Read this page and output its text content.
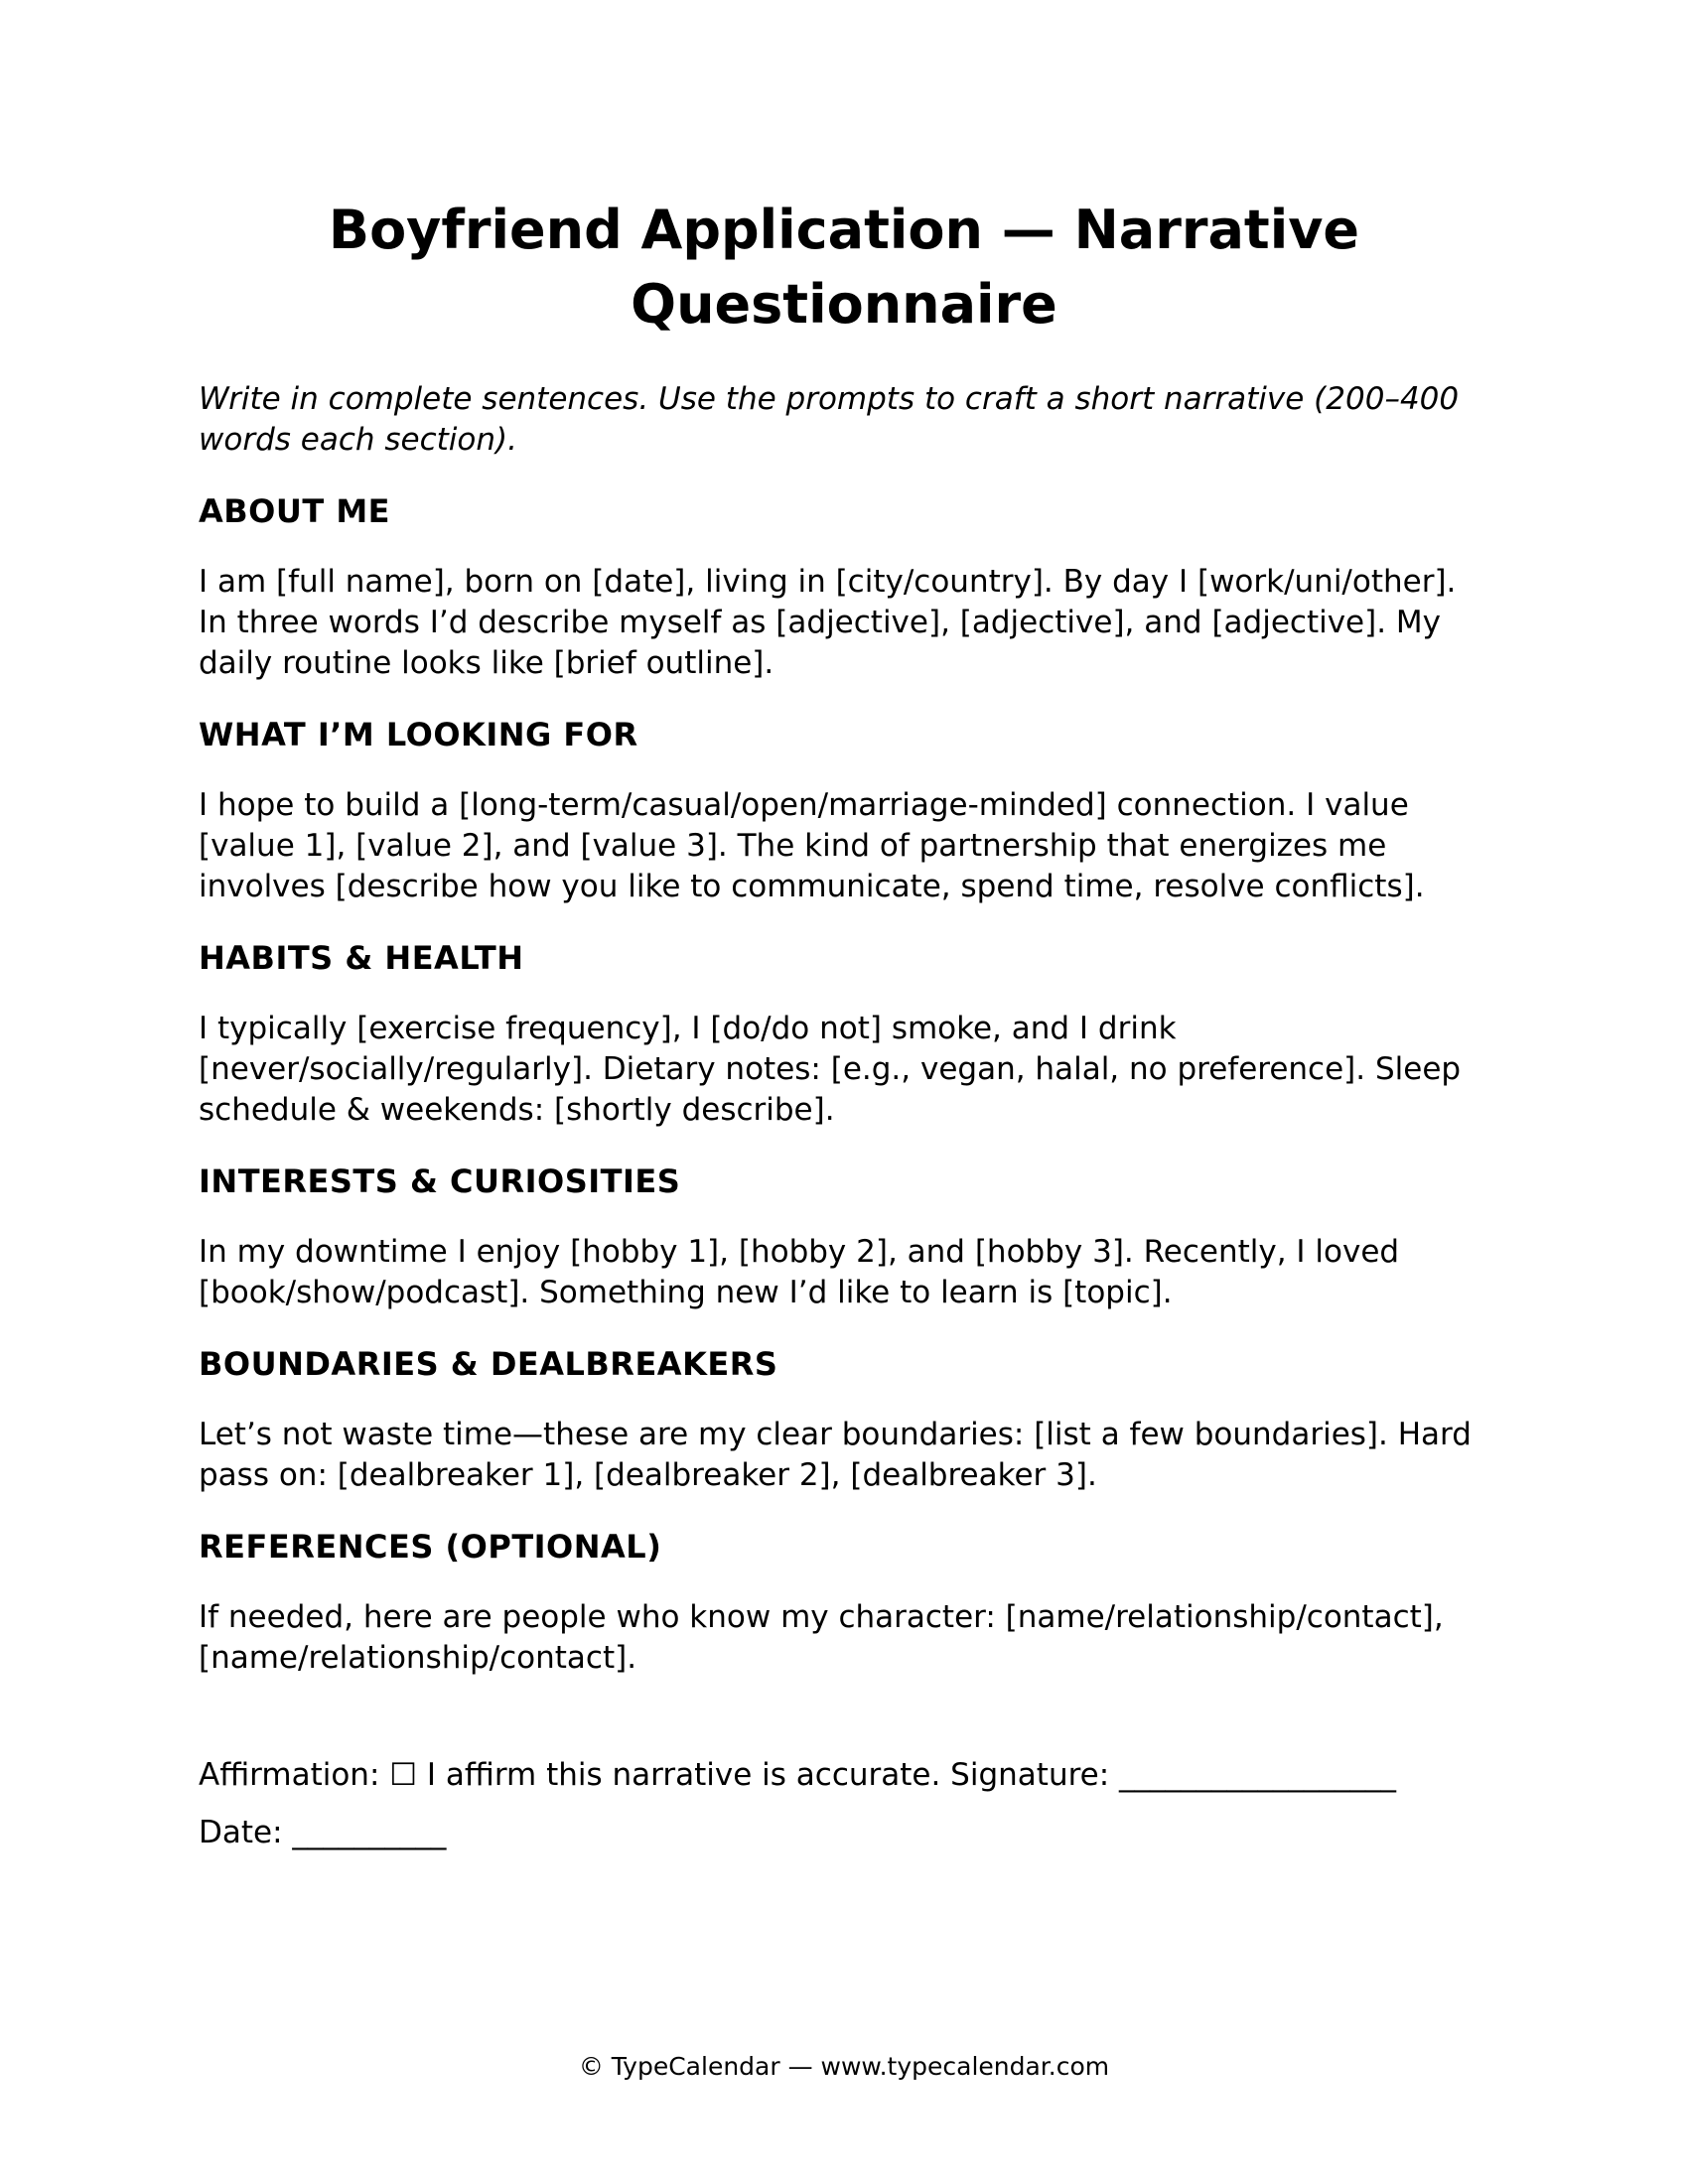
Boyfriend Application — Narrative Questionnaire

Write in complete sentences. Use the prompts to craft a short narrative (200–400 words each section).

ABOUT ME

I am [full name], born on [date], living in [city/country]. By day I [work/uni/other]. In three words I’d describe myself as [adjective], [adjective], and [adjective]. My daily routine looks like [brief outline].

WHAT I’M LOOKING FOR

I hope to build a [long-term/casual/open/marriage-minded] connection. I value [value 1], [value 2], and [value 3]. The kind of partnership that energizes me involves [describe how you like to communicate, spend time, resolve conflicts].

HABITS & HEALTH

I typically [exercise frequency], I [do/do not] smoke, and I drink [never/socially/regularly]. Dietary notes: [e.g., vegan, halal, no preference]. Sleep schedule & weekends: [shortly describe].

INTERESTS & CURIOSITIES

In my downtime I enjoy [hobby 1], [hobby 2], and [hobby 3]. Recently, I loved [book/show/podcast]. Something new I’d like to learn is [topic].

BOUNDARIES & DEALBREAKERS

Let’s not waste time—these are my clear boundaries: [list a few boundaries]. Hard pass on: [dealbreaker 1], [dealbreaker 2], [dealbreaker 3].

REFERENCES (OPTIONAL)

If needed, here are people who know my character: [name/relationship/contact], [name/relationship/contact].

Affirmation: ☐ I affirm this narrative is accurate. Signature: __________________ Date: __________

© TypeCalendar — www.typecalendar.com
